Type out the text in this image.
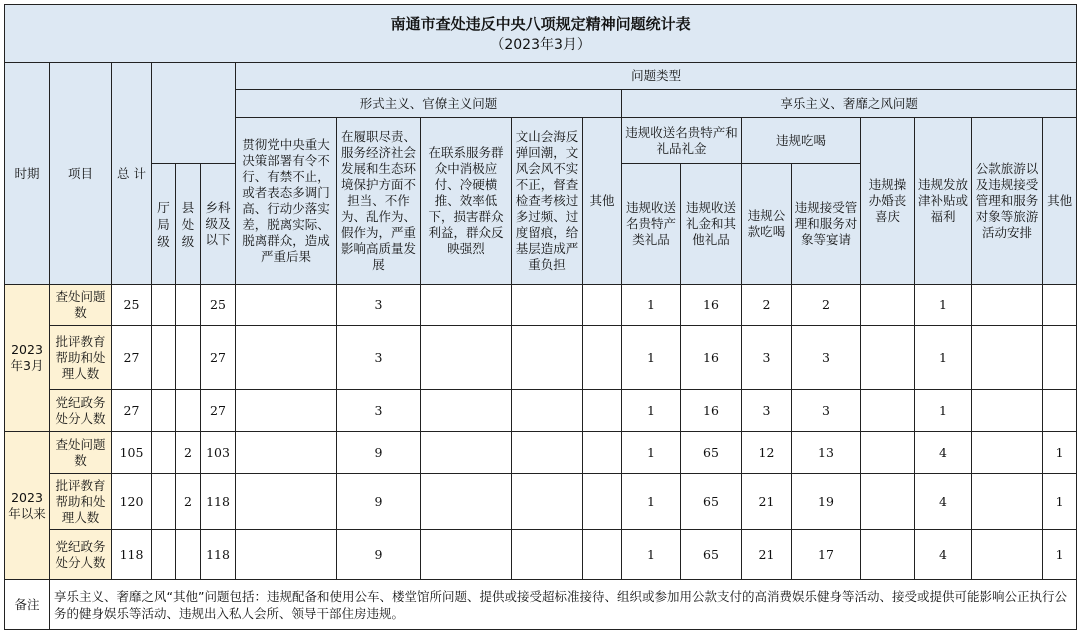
南通市查处违反中央八项规定精神问题统计表
（2023年3月）																		

时期	项目	总 计				问题类型												
						形式主义、官僚主义问题					享乐主义、奢靡之风问题							
						贯彻党中央重大决策部署有令不行、有禁不止，或者表态多调门高、行动少落实差，脱离实际、脱离群众，造成严重后果	在履职尽责、服务经济社会发展和生态环境保护方面不担当、不作为、乱作为、假作为，严重影响高质量发展	在联系服务群众中消极应付、冷硬横推、效率低下，损害群众利益，群众反映强烈	文山会海反弹回潮，文风会风不实不正，督查检查考核过多过频、过度留痕，给基层造成严重负担	其他	违规收送名贵特产和礼品礼金		违规吃喝		违规操办婚丧喜庆	违规发放津补贴或福利	公款旅游以及违规接受管理和服务对象等旅游活动安排	其他
			厅局级	县处级	乡科级及以下						违规收送名贵特产类礼品	违规收送礼金和其他礼品	违规公款吃喝	违规接受管理和服务对象等宴请				

2023年3月	查处问题数	25			25		3				1	16	2	2		1		
	批评教育帮助和处理人数	27			27		3				1	16	3	3		1		
	党纪政务处分人数	27			27		3				1	16	3	3		1		
2023年以来	查处问题数	105		2	103		9				1	65	12	13		4		1
	批评教育帮助和处理人数	120		2	118		9				1	65	21	19		4		1
	党纪政务处分人数	118			118		9				1	65	21	17		4		1
备注	享乐主义、奢靡之风“其他”问题包括：违规配备和使用公车、楼堂馆所问题、提供或接受超标准接待、组织或参加用公款支付的高消费娱乐健身等活动、接受或提供可能影响公正执行公务的健身娱乐等活动、违规出入私人会所、领导干部住房违规。																	
